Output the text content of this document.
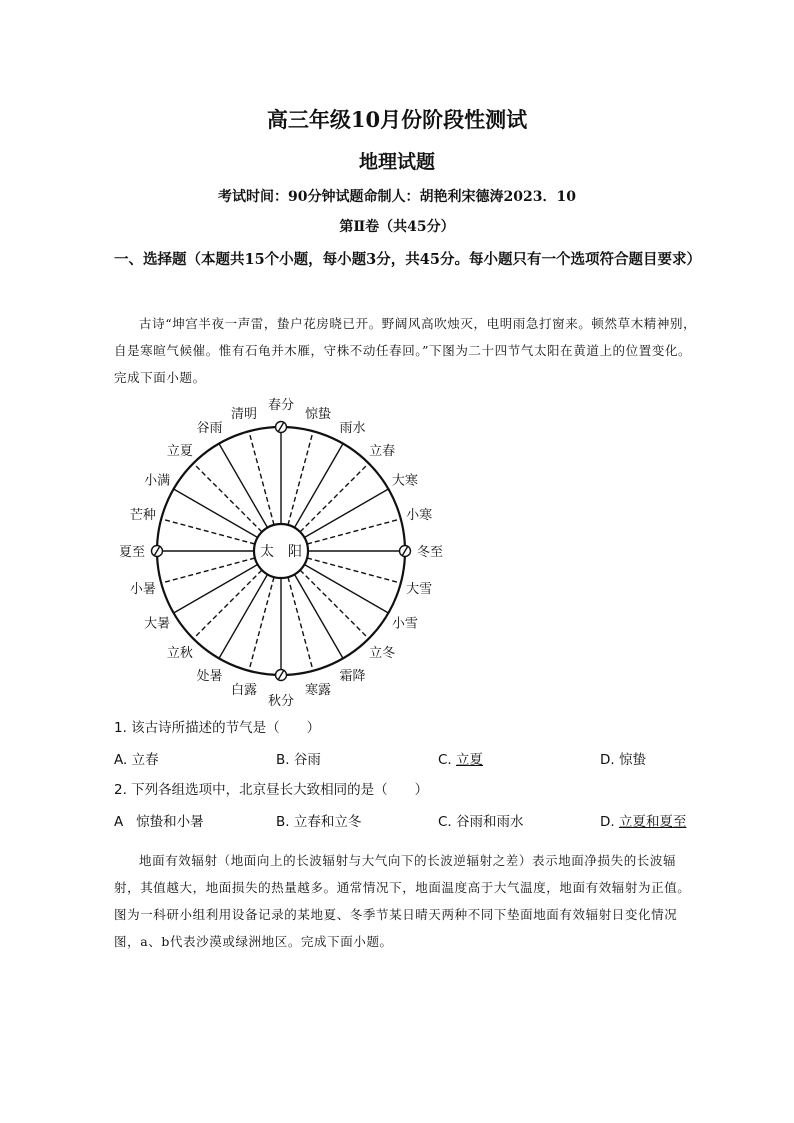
高三年级10月份阶段性测试
地理试题
考试时间：90分钟试题命制人：胡艳利宋德涛2023．10
第Ⅱ卷（共45分）
一、选择题（本题共15个小题，每小题3分，共45分。每小题只有一个选项符合题目要求）
古诗“坤宫半夜一声雷，蛰户花房晓已开。野阔风高吹烛灭，电明雨急打窗来。顿然草木精神别，自是寒暄气候催。惟有石龟并木雁，守株不动任春回。”下图为二十四节气太阳在黄道上的位置变化。完成下面小题。
太　阳
春分
清明
谷雨
立夏
小满
芒种
夏至
小暑
大暑
立秋
处暑
白露
秋分
寒露
霜降
立冬
小雪
大雪
冬至
小寒
大寒
立春
雨水
惊蛰
1. 该古诗所描述的节气是（　　）
A. 立春	B. 谷雨	C. 立夏	D. 惊蛰
2. 下列各组选项中，北京昼长大致相同的是（　　）
A 惊蛰和小暑	B. 立春和立冬	C. 谷雨和雨水	D. 立夏和夏至
地面有效辐射（地面向上的长波辐射与大气向下的长波逆辐射之差）表示地面净损失的长波辐射，其值越大，地面损失的热量越多。通常情况下，地面温度高于大气温度，地面有效辐射为正值。图为一科研小组利用设备记录的某地夏、冬季节某日晴天两种不同下垫面地面有效辐射日变化情况图，a、b代表沙漠或绿洲地区。完成下面小题。
